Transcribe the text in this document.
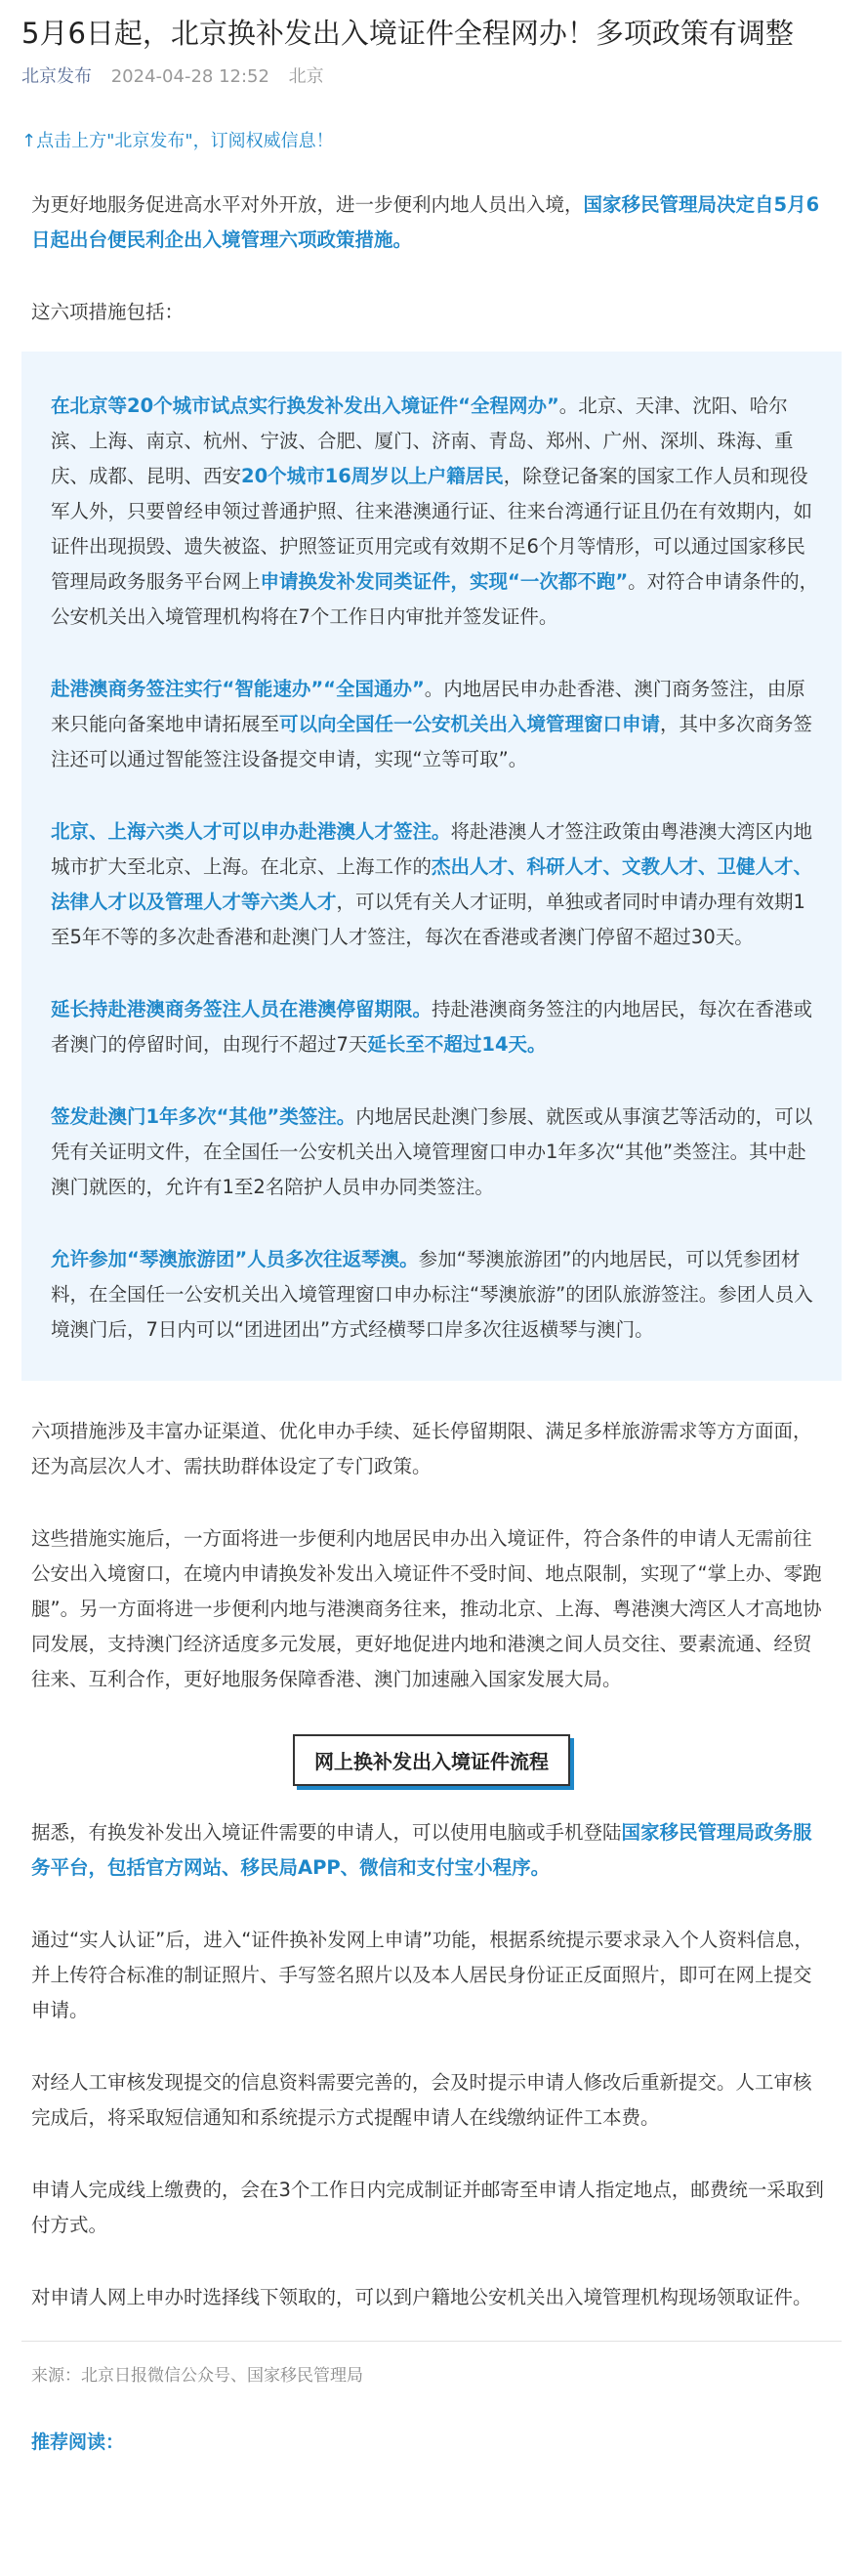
5月6日起，北京换补发出入境证件全程网办！多项政策有调整
北京发布 2024-04-28 12:52 北京
↑点击上方"北京发布"，订阅权威信息！

为更好地服务促进高水平对外开放，进一步便利内地人员出入境，国家移民管理局决定自5月6日起出台便民利企出入境管理六项政策措施。

这六项措施包括：

在北京等20个城市试点实行换发补发出入境证件“全程网办”。北京、天津、沈阳、哈尔滨、上海、南京、杭州、宁波、合肥、厦门、济南、青岛、郑州、广州、深圳、珠海、重庆、成都、昆明、西安20个城市16周岁以上户籍居民，除登记备案的国家工作人员和现役军人外，只要曾经申领过普通护照、往来港澳通行证、往来台湾通行证且仍在有效期内，如证件出现损毁、遗失被盗、护照签证页用完或有效期不足6个月等情形，可以通过国家移民管理局政务服务平台网上申请换发补发同类证件，实现“一次都不跑”。对符合申请条件的，公安机关出入境管理机构将在7个工作日内审批并签发证件。

赴港澳商务签注实行“智能速办”“全国通办”。内地居民申办赴香港、澳门商务签注，由原来只能向备案地申请拓展至可以向全国任一公安机关出入境管理窗口申请，其中多次商务签注还可以通过智能签注设备提交申请，实现“立等可取”。

北京、上海六类人才可以申办赴港澳人才签注。将赴港澳人才签注政策由粤港澳大湾区内地城市扩大至北京、上海。在北京、上海工作的杰出人才、科研人才、文教人才、卫健人才、法律人才以及管理人才等六类人才，可以凭有关人才证明，单独或者同时申请办理有效期1至5年不等的多次赴香港和赴澳门人才签注，每次在香港或者澳门停留不超过30天。

延长持赴港澳商务签注人员在港澳停留期限。持赴港澳商务签注的内地居民，每次在香港或者澳门的停留时间，由现行不超过7天延长至不超过14天。

签发赴澳门1年多次“其他”类签注。内地居民赴澳门参展、就医或从事演艺等活动的，可以凭有关证明文件，在全国任一公安机关出入境管理窗口申办1年多次“其他”类签注。其中赴澳门就医的，允许有1至2名陪护人员申办同类签注。

允许参加“琴澳旅游团”人员多次往返琴澳。参加“琴澳旅游团”的内地居民，可以凭参团材料，在全国任一公安机关出入境管理窗口申办标注“琴澳旅游”的团队旅游签注。参团人员入境澳门后，7日内可以“团进团出”方式经横琴口岸多次往返横琴与澳门。

六项措施涉及丰富办证渠道、优化申办手续、延长停留期限、满足多样旅游需求等方方面面，还为高层次人才、需扶助群体设定了专门政策。

这些措施实施后，一方面将进一步便利内地居民申办出入境证件，符合条件的申请人无需前往公安出入境窗口，在境内申请换发补发出入境证件不受时间、地点限制，实现了“掌上办、零跑腿”。另一方面将进一步便利内地与港澳商务往来，推动北京、上海、粤港澳大湾区人才高地协同发展，支持澳门经济适度多元发展，更好地促进内地和港澳之间人员交往、要素流通、经贸往来、互利合作，更好地服务保障香港、澳门加速融入国家发展大局。

网上换补发出入境证件流程

据悉，有换发补发出入境证件需要的申请人，可以使用电脑或手机登陆国家移民管理局政务服务平台，包括官方网站、移民局APP、微信和支付宝小程序。

通过“实人认证”后，进入“证件换补发网上申请”功能，根据系统提示要求录入个人资料信息，并上传符合标准的制证照片、手写签名照片以及本人居民身份证正反面照片，即可在网上提交申请。

对经人工审核发现提交的信息资料需要完善的，会及时提示申请人修改后重新提交。人工审核完成后，将采取短信通知和系统提示方式提醒申请人在线缴纳证件工本费。

申请人完成线上缴费的，会在3个工作日内完成制证并邮寄至申请人指定地点，邮费统一采取到付方式。

对申请人网上申办时选择线下领取的，可以到户籍地公安机关出入境管理机构现场领取证件。

来源：北京日报微信公众号、国家移民管理局
推荐阅读：
